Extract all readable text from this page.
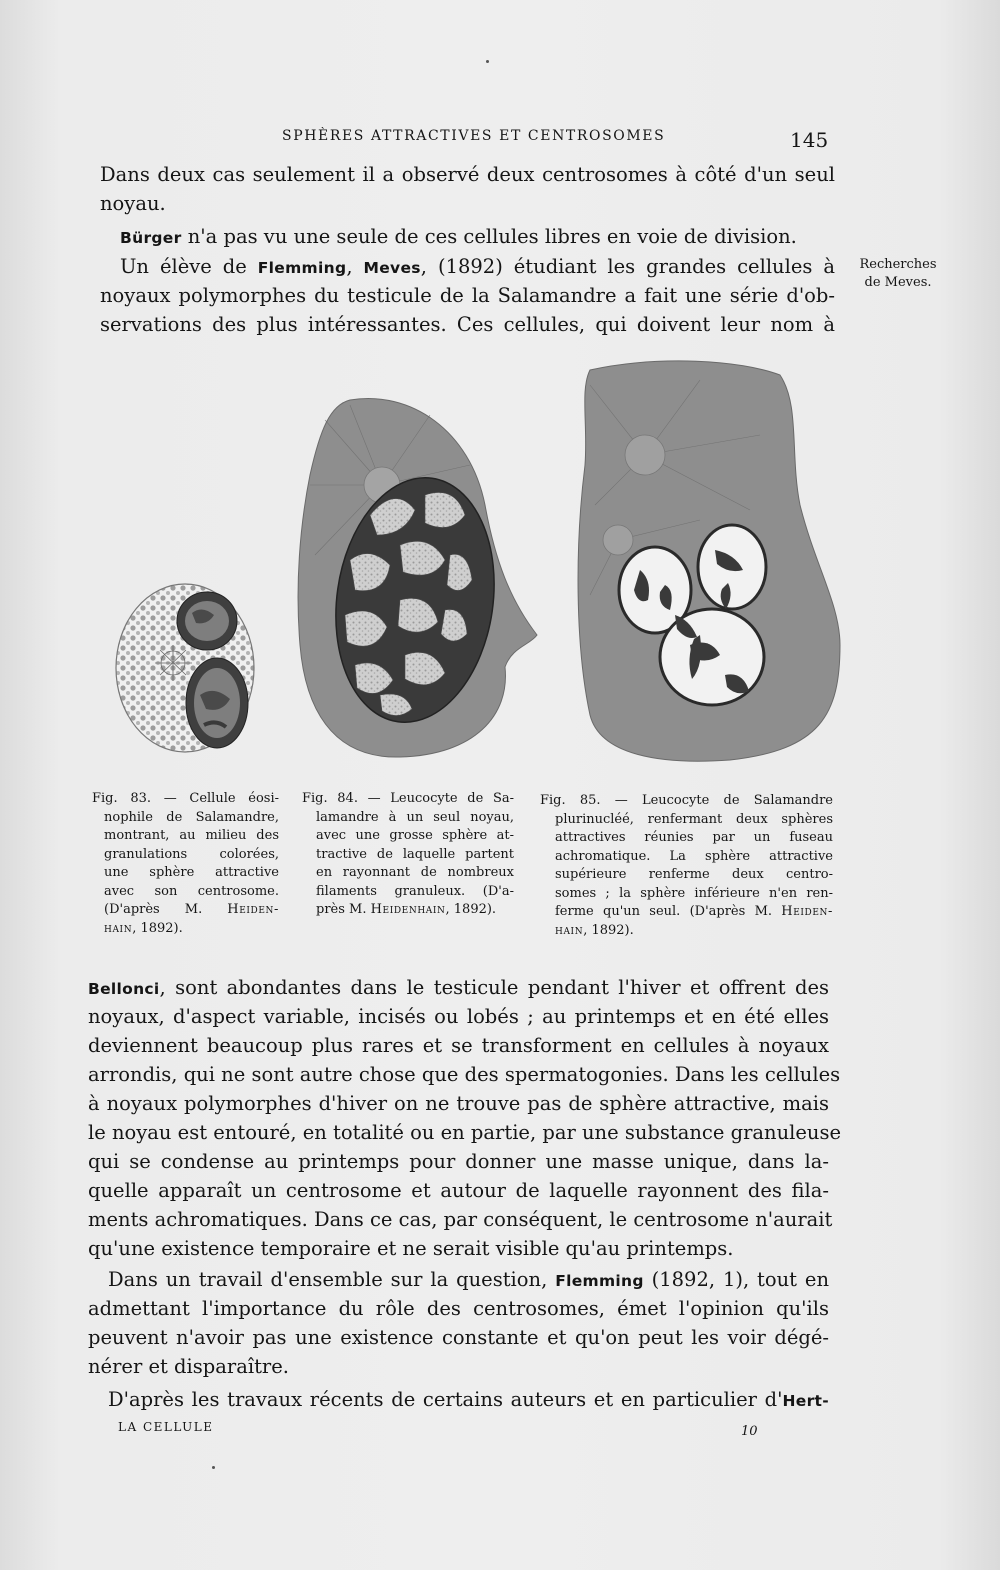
SPHÈRES ATTRACTIVES ET CENTROSOMES	145

Dans deux cas seulement il a observé deux centrosomes à côté d'un seul
noyau.

Bürger n'a pas vu une seule de ces cellules libres en voie de division.

Un élève de Flemming, Meves, (1892) étudiant les grandes cellules à
noyaux polymorphes du testicule de la Salamandre a fait une série d'ob-
servations des plus intéressantes. Ces cellules, qui doivent leur nom à

Recherches
de Meves.
Fig. 83. — Cellule éosi-
nophile de Salamandre,
montrant, au milieu des
granulations colorées,
une sphère attractive
avec son centrosome.
(D'après M. Heiden-
hain, 1892).
Fig. 84. — Leucocyte de Sa-
lamandre à un seul noyau,
avec une grosse sphère at-
tractive de laquelle partent
en rayonnant de nombreux
filaments granuleux. (D'a-
près M. Heidenhain, 1892).
Fig. 85. — Leucocyte de Salamandre
plurinucléé, renfermant deux sphères
attractives réunies par un fuseau
achromatique. La sphère attractive
supérieure renferme deux centro-
somes ; la sphère inférieure n'en ren-
ferme qu'un seul. (D'après M. Heiden-
hain, 1892).

Bellonci, sont abondantes dans le testicule pendant l'hiver et offrent des
noyaux, d'aspect variable, incisés ou lobés ; au printemps et en été elles
deviennent beaucoup plus rares et se transforment en cellules à noyaux
arrondis, qui ne sont autre chose que des spermatogonies. Dans les cellules
à noyaux polymorphes d'hiver on ne trouve pas de sphère attractive, mais
le noyau est entouré, en totalité ou en partie, par une substance granuleuse
qui se condense au printemps pour donner une masse unique, dans la-
quelle apparaît un centrosome et autour de laquelle rayonnent des fila-
ments achromatiques. Dans ce cas, par conséquent, le centrosome n'aurait
qu'une existence temporaire et ne serait visible qu'au printemps.

Dans un travail d'ensemble sur la question, Flemming (1892, 1), tout en
admettant l'importance du rôle des centrosomes, émet l'opinion qu'ils
peuvent n'avoir pas une existence constante et qu'on peut les voir dégé-
nérer et disparaître.

D'après les travaux récents de certains auteurs et en particulier d'Hert-

LA CELLULE	10
